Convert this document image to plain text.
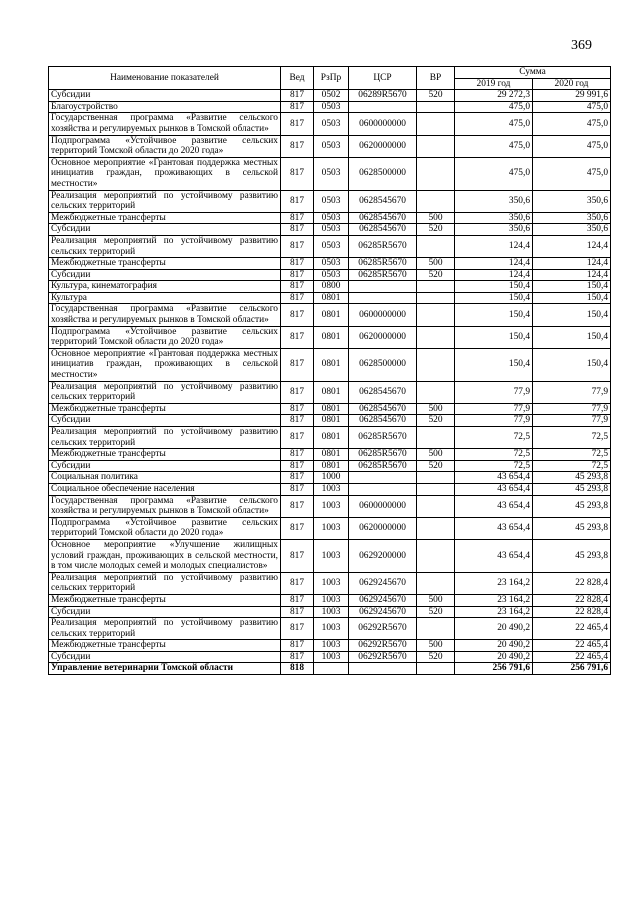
369
Наименование показателей	Вед	РзПр	ЦСР	ВР	Сумма	
					2019 год	2020 год
Субсидии	817	0502	06289R5670	520	29 272,3	29 991,6
Благоустройство	817	0503			475,0	475,0
Государственная программа «Развитие сельского хозяйства и регулируемых рынков в Томской области»	817	0503	0600000000		475,0	475,0
Подпрограмма «Устойчивое развитие сельских территорий Томской области до 2020 года»	817	0503	0620000000		475,0	475,0
Основное мероприятие «Грантовая поддержка местных инициатив граждан, проживающих в сельской местности»	817	0503	0628500000		475,0	475,0
Реализация мероприятий по устойчивому развитию сельских территорий	817	0503	0628545670		350,6	350,6
Межбюджетные трансферты	817	0503	0628545670	500	350,6	350,6
Субсидии	817	0503	0628545670	520	350,6	350,6
Реализация мероприятий по устойчивому развитию сельских территорий	817	0503	06285R5670		124,4	124,4
Межбюджетные трансферты	817	0503	06285R5670	500	124,4	124,4
Субсидии	817	0503	06285R5670	520	124,4	124,4
Культура, кинематография	817	0800			150,4	150,4
Культура	817	0801			150,4	150,4
Государственная программа «Развитие сельского хозяйства и регулируемых рынков в Томской области»	817	0801	0600000000		150,4	150,4
Подпрограмма «Устойчивое развитие сельских территорий Томской области до 2020 года»	817	0801	0620000000		150,4	150,4
Основное мероприятие «Грантовая поддержка местных инициатив граждан, проживающих в сельской местности»	817	0801	0628500000		150,4	150,4
Реализация мероприятий по устойчивому развитию сельских территорий	817	0801	0628545670		77,9	77,9
Межбюджетные трансферты	817	0801	0628545670	500	77,9	77,9
Субсидии	817	0801	0628545670	520	77,9	77,9
Реализация мероприятий по устойчивому развитию сельских территорий	817	0801	06285R5670		72,5	72,5
Межбюджетные трансферты	817	0801	06285R5670	500	72,5	72,5
Субсидии	817	0801	06285R5670	520	72,5	72,5
Социальная политика	817	1000			43 654,4	45 293,8
Социальное обеспечение населения	817	1003			43 654,4	45 293,8
Государственная программа «Развитие сельского хозяйства и регулируемых рынков в Томской области»	817	1003	0600000000		43 654,4	45 293,8
Подпрограмма «Устойчивое развитие сельских территорий Томской области до 2020 года»	817	1003	0620000000		43 654,4	45 293,8
Основное мероприятие «Улучшение жилищных условий граждан, проживающих в сельской местности, в том числе молодых семей и молодых специалистов»	817	1003	0629200000		43 654,4	45 293,8
Реализация мероприятий по устойчивому развитию сельских территорий	817	1003	0629245670		23 164,2	22 828,4
Межбюджетные трансферты	817	1003	0629245670	500	23 164,2	22 828,4
Субсидии	817	1003	0629245670	520	23 164,2	22 828,4
Реализация мероприятий по устойчивому развитию сельских территорий	817	1003	06292R5670		20 490,2	22 465,4
Межбюджетные трансферты	817	1003	06292R5670	500	20 490,2	22 465,4
Субсидии	817	1003	06292R5670	520	20 490,2	22 465,4
Управление ветеринарии Томской области	818				256 791,6	256 791,6
